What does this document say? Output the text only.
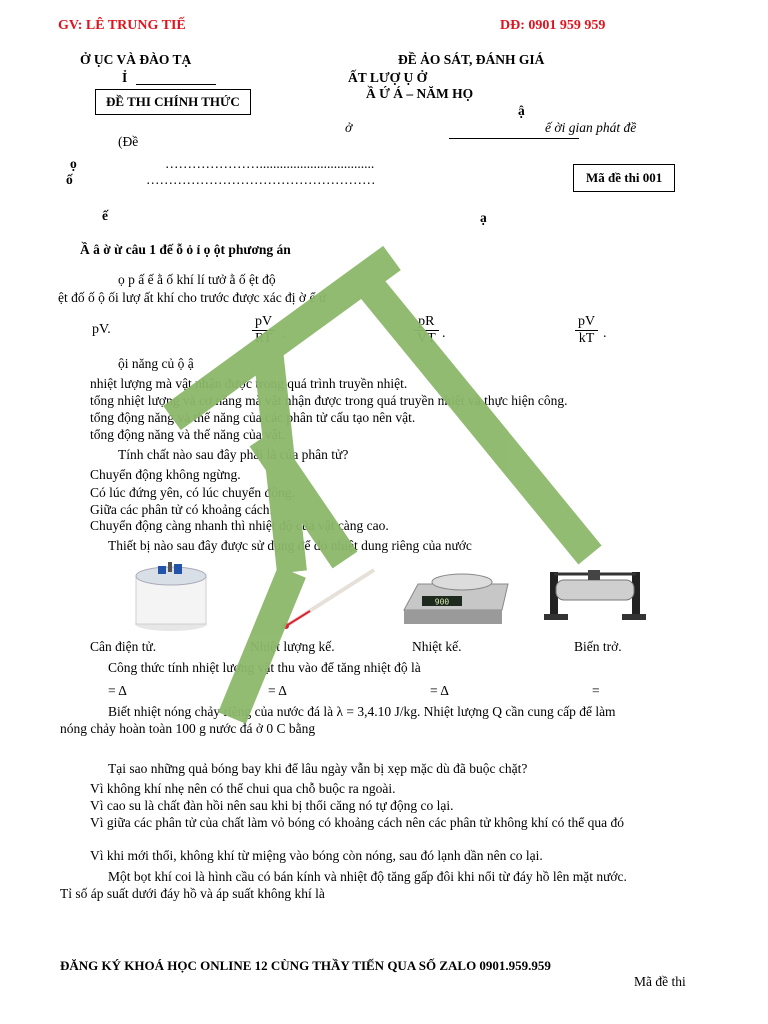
GV: LÊ TRUNG TIẾ	DĐ: 0901 959 959
Ở ỤC VÀ ĐÀO TẠ
Ỉ
ĐỀ THI CHÍNH THỨC
(Đề
ĐỀ ẢO SÁT, ĐÁNH GIÁ
ẤT LƯỢ Ụ Ở
Ầ Ứ Á – NĂM HỌ
ậ
ở	ế ời gian phát đề
ọ	…………………..................................
ố	……………………………………………	Mã đề thi 001
ế	ạ
Ầ â ờ ừ câu 1 đế ỗ ỏ ỉ ọ ột phương án
ọ p ấ ế ằ ố khí lí tưở ằ ố ệt độ
ệt đố ố ộ ối lượ ất khí cho trước được xác đị ờ ể ứ
pV.	$\frac{pV}{RT}$ .	$\frac{pR}{VT}$ .	$\frac{pV}{kT}$ .
ội năng củ ộ ậ
nhiệt lượng mà vật nhận được trong quá trình truyền nhiệt.
tổng nhiệt lượng và cơ năng mà vật nhận được trong quá truyền nhiệt và thực hiện công.
tổng động năng và thế năng của các phân tử cấu tạo nên vật.
tổng động năng và thế năng của vật.
Tính chất nào sau đây phải là của phân tử?
Chuyển động không ngừng.
Có lúc đứng yên, có lúc chuyển động.
Giữa các phân tử có khoảng cách.
Chuyển động càng nhanh thì nhiệt độ của vật càng cao.
Thiết bị nào sau đây được sử dụng để đo nhiệt dung riêng của nước
900
Cân điện tử.	Nhiệt lượng kế.	Nhiệt kế.	Biến trở.
Công thức tính nhiệt lượng vật thu vào để tăng nhiệt độ là
= Δ	= Δ	= Δ	=
Biết nhiệt nóng chảy riêng của nước đá là λ = 3,4.10 J/kg. Nhiệt lượng Q cần cung cấp để làm
nóng chảy hoàn toàn 100 g nước đá ở 0 C bằng
Tại sao những quả bóng bay khi để lâu ngày vẫn bị xẹp mặc dù đã buộc chặt?
Vì không khí nhẹ nên có thể chui qua chỗ buộc ra ngoài.
Vì cao su là chất đàn hồi nên sau khi bị thổi căng nó tự động co lại.
Vì giữa các phân tử của chất làm vỏ bóng có khoảng cách nên các phân tử không khí có thể qua đó
Vì khi mới thổi, không khí từ miệng vào bóng còn nóng, sau đó lạnh dần nên co lại.
Một bọt khí coi là hình cầu có bán kính và nhiệt độ tăng gấp đôi khi nổi từ đáy hồ lên mặt nước.
Tỉ số áp suất dưới đáy hồ và áp suất không khí là
ĐĂNG KÝ KHOÁ HỌC ONLINE 12 CÙNG THẦY TIẾN QUA SỐ ZALO 0901.959.959
Mã đề thi
